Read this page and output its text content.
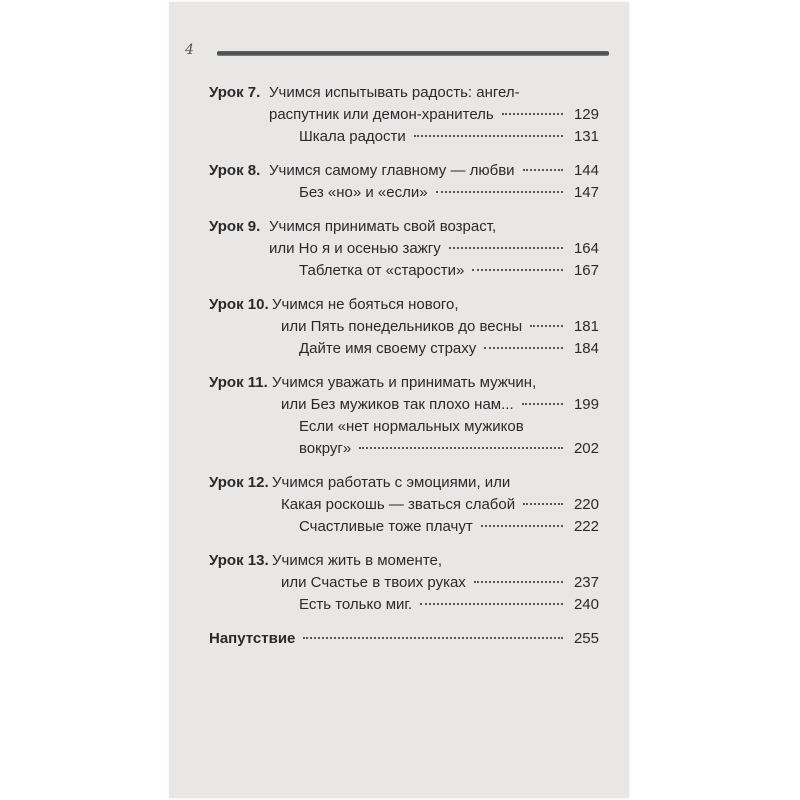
4
Урок 7. Учимся испытывать радость: ангел-
распутник или демон-хранитель	129
Шкала радости	131
Урок 8. Учимся самому главному — любви	144
Без «но» и «если»	147
Урок 9. Учимся принимать свой возраст,
или Но я и осенью зажгу	164
Таблетка от «старости»	167
Урок 10. Учимся не бояться нового,
или Пять понедельников до весны	181
Дайте имя своему страху	184
Урок 11. Учимся уважать и принимать мужчин,
или Без мужиков так плохо нам...	199
Если «нет нормальных мужиков
вокруг»	202
Урок 12. Учимся работать с эмоциями, или
Какая роскошь — зваться слабой	220
Счастливые тоже плачут	222
Урок 13. Учимся жить в моменте,
или Счастье в твоих руках	237
Есть только миг.	240
Напутствие	255
